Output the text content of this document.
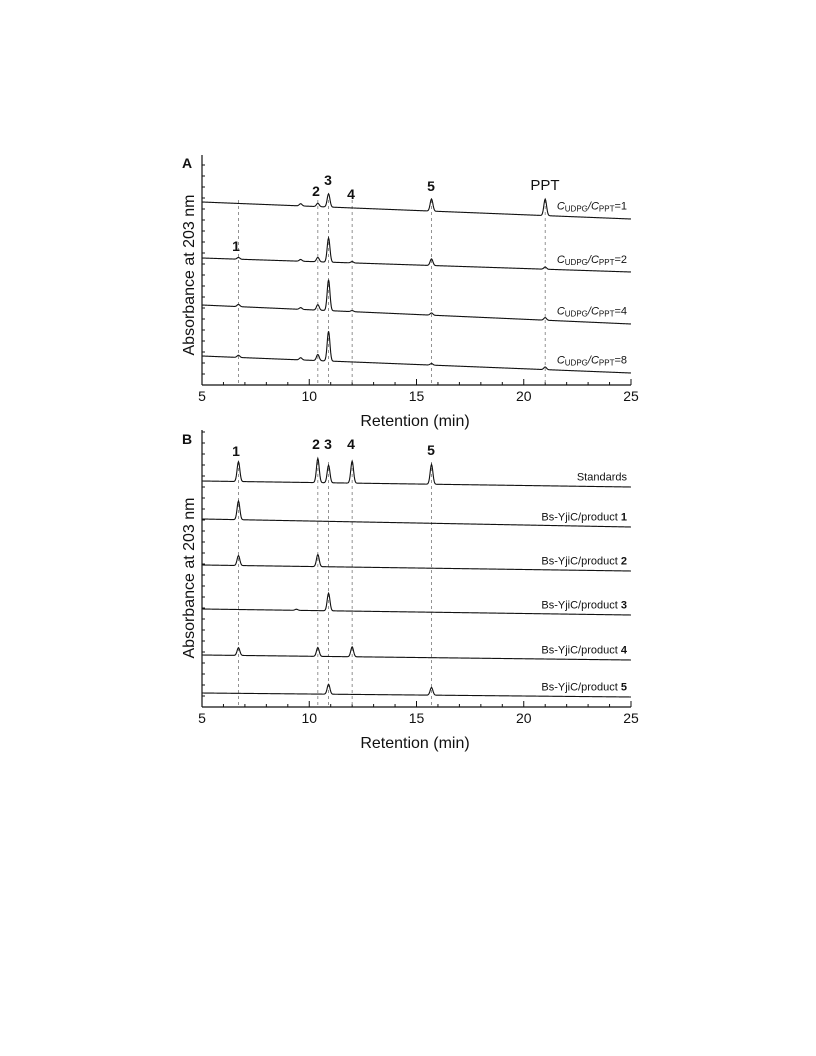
A
Absorbance at 203 nm
Retention (min)
5	10	15	20	25
1
2
3
4	5	PPT
CUDPG/CPPT=1
CUDPG/CPPT=2
CUDPG/CPPT=4
CUDPG/CPPT=8
B
Absorbance at 203 nm
Retention (min)
5	10	15	20	25
1	2 3 4	5
Standards
Bs-YjiC/product 1
Bs-YjiC/product 2
Bs-YjiC/product 3
Bs-YjiC/product 4
Bs-YjiC/product 5
